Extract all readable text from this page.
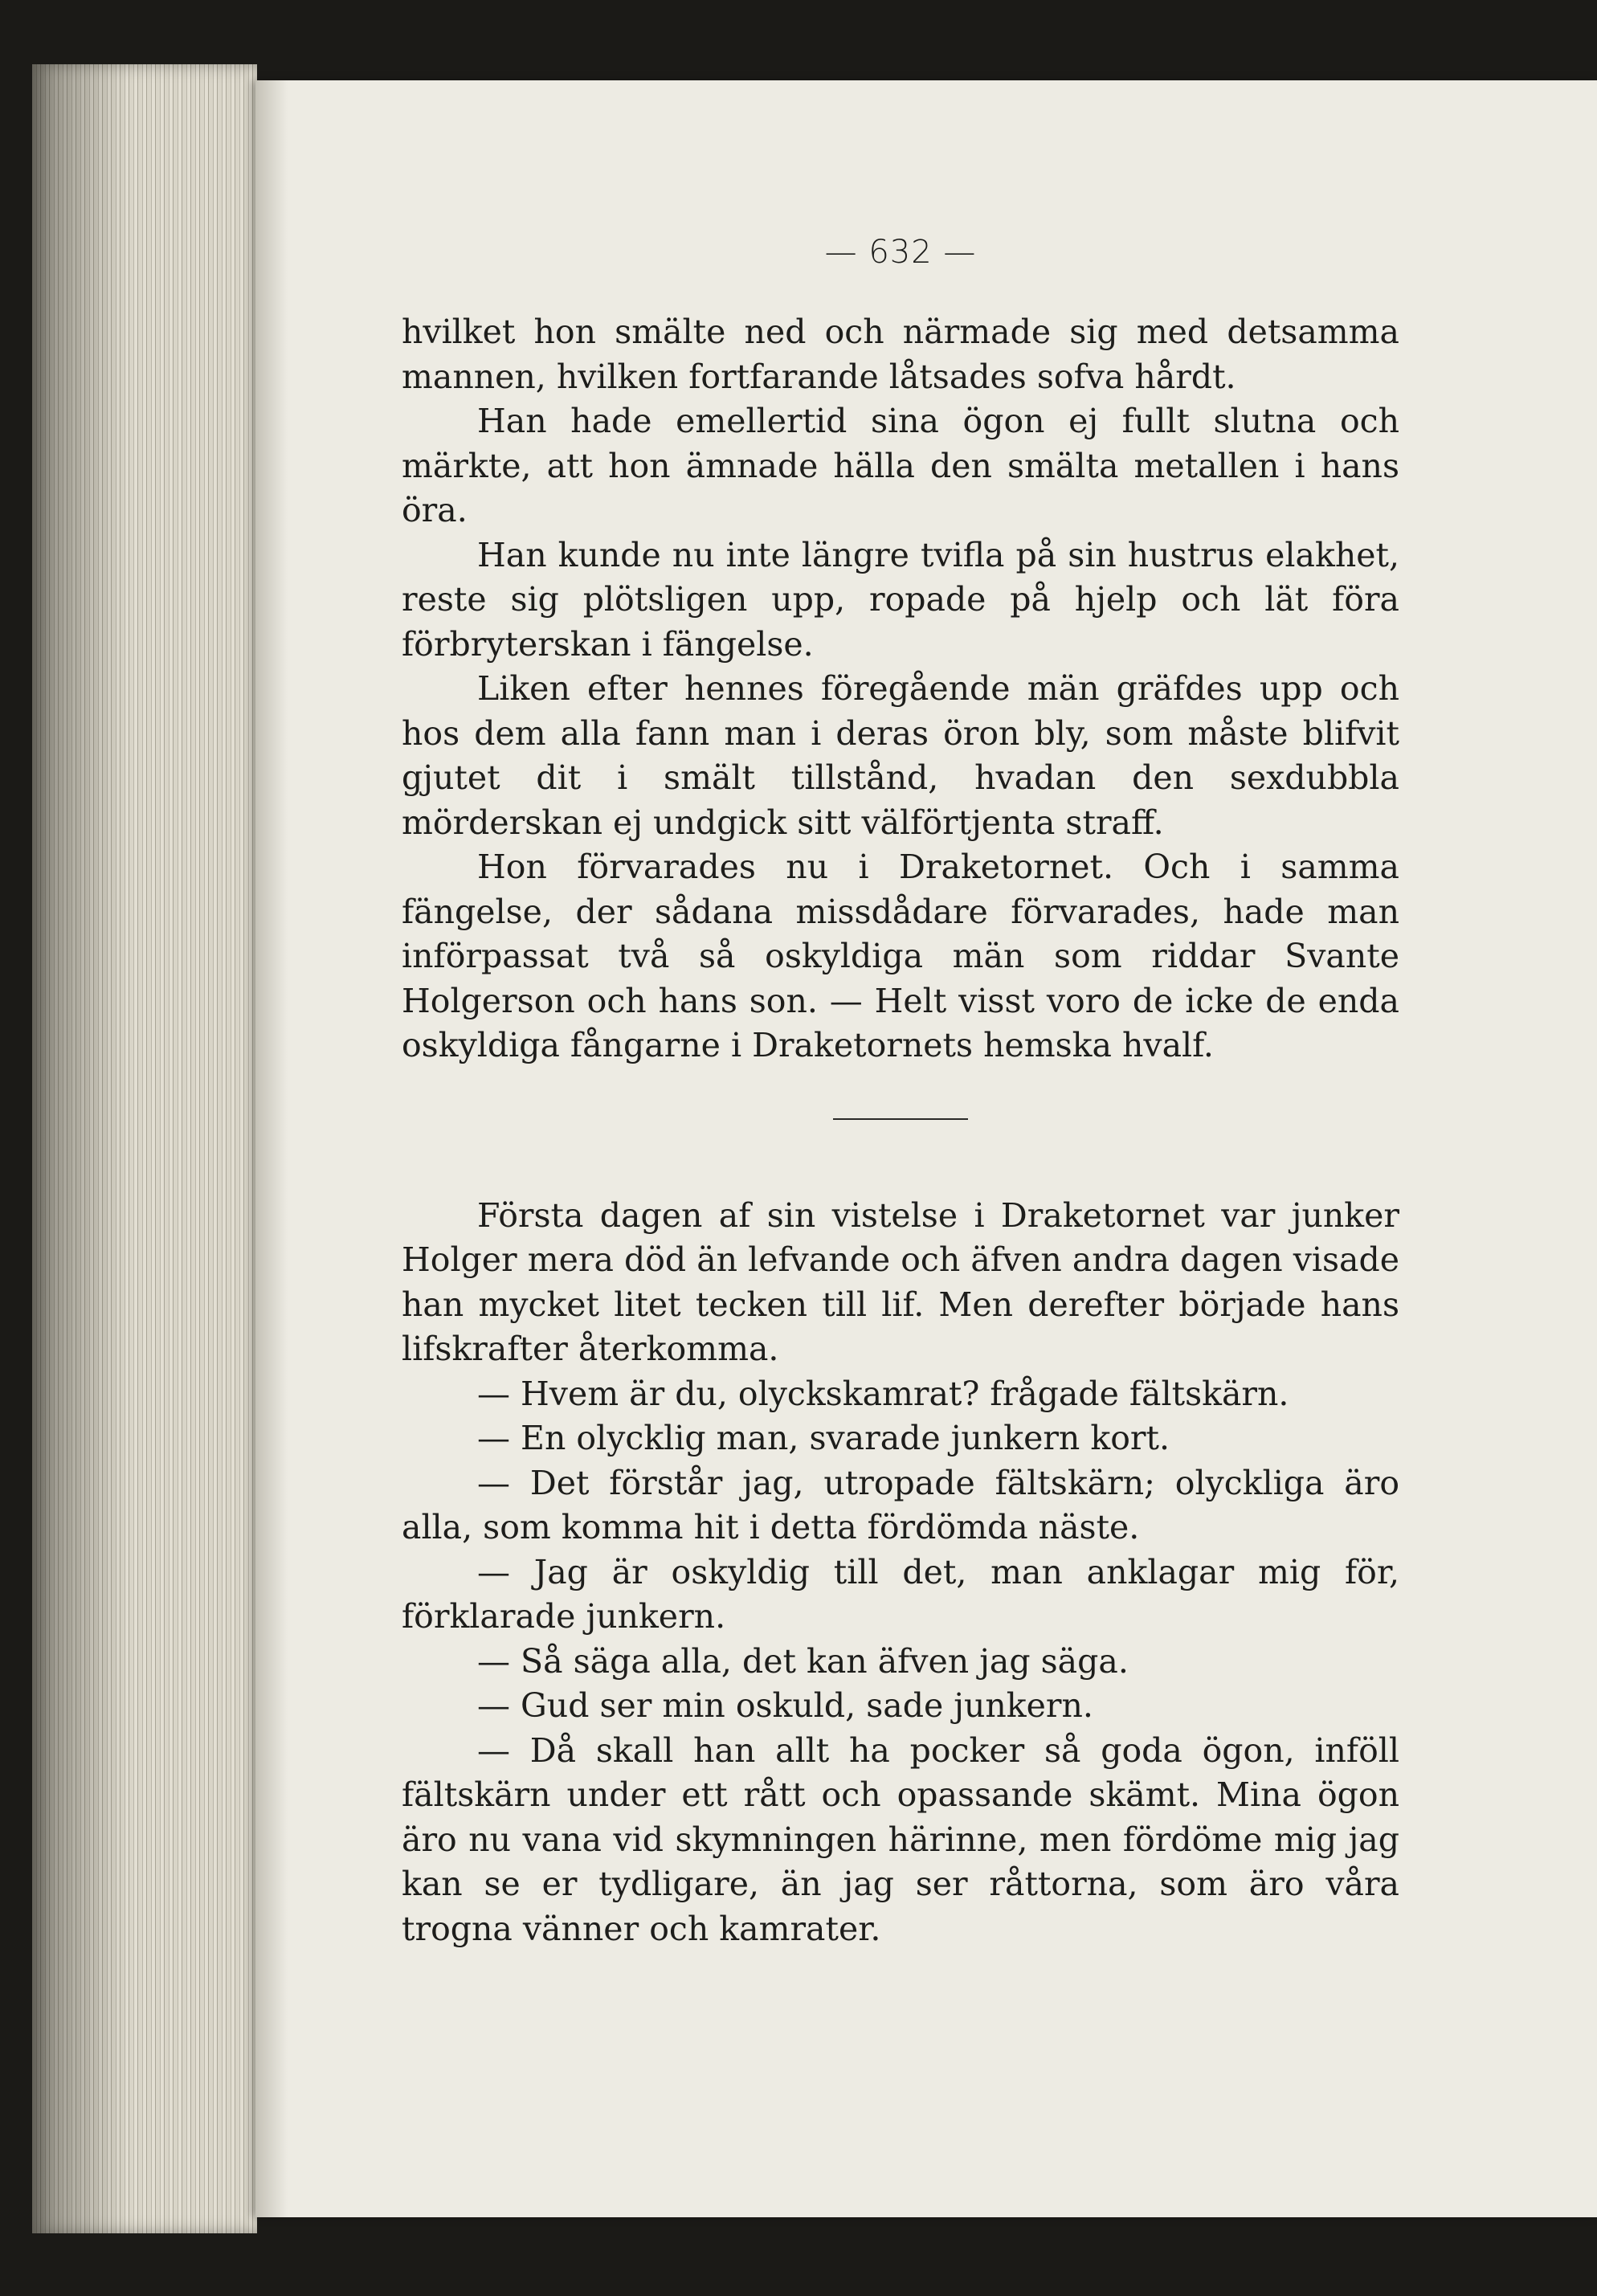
— 632 —

hvilket hon smälte ned och närmade sig med detsamma mannen, hvilken fortfarande låtsades sofva hårdt.

Han hade emellertid sina ögon ej fullt slutna och märkte, att hon ämnade hälla den smälta metallen i hans öra.

Han kunde nu inte längre tvifla på sin hustrus elakhet, reste sig plötsligen upp, ropade på hjelp och lät föra förbryterskan i fängelse.

Liken efter hennes föregående män gräfdes upp och hos dem alla fann man i deras öron bly, som måste blifvit gjutet dit i smält tillstånd, hvadan den sexdubbla mörderskan ej undgick sitt välförtjenta straff.

Hon förvarades nu i Draketornet. Och i samma fängelse, der sådana missdådare förvarades, hade man införpassat två så oskyldiga män som riddar Svante Holgerson och hans son. — Helt visst voro de icke de enda oskyldiga fångarne i Draketornets hemska hvalf.

Första dagen af sin vistelse i Draketornet var junker Holger mera död än lefvande och äfven andra dagen visade han mycket litet tecken till lif. Men derefter började hans lifskrafter återkomma.

— Hvem är du, olyckskamrat? frågade fältskärn.

— En olycklig man, svarade junkern kort.

— Det förstår jag, utropade fältskärn; olyckliga äro alla, som komma hit i detta fördömda näste.

— Jag är oskyldig till det, man anklagar mig för, förklarade junkern.

— Så säga alla, det kan äfven jag säga.

— Gud ser min oskuld, sade junkern.

— Då skall han allt ha pocker så goda ögon, inföll fältskärn under ett rått och opassande skämt. Mina ögon äro nu vana vid skymningen härinne, men fördöme mig jag kan se er tydligare, än jag ser råttorna, som äro våra trogna vänner och kamrater.
